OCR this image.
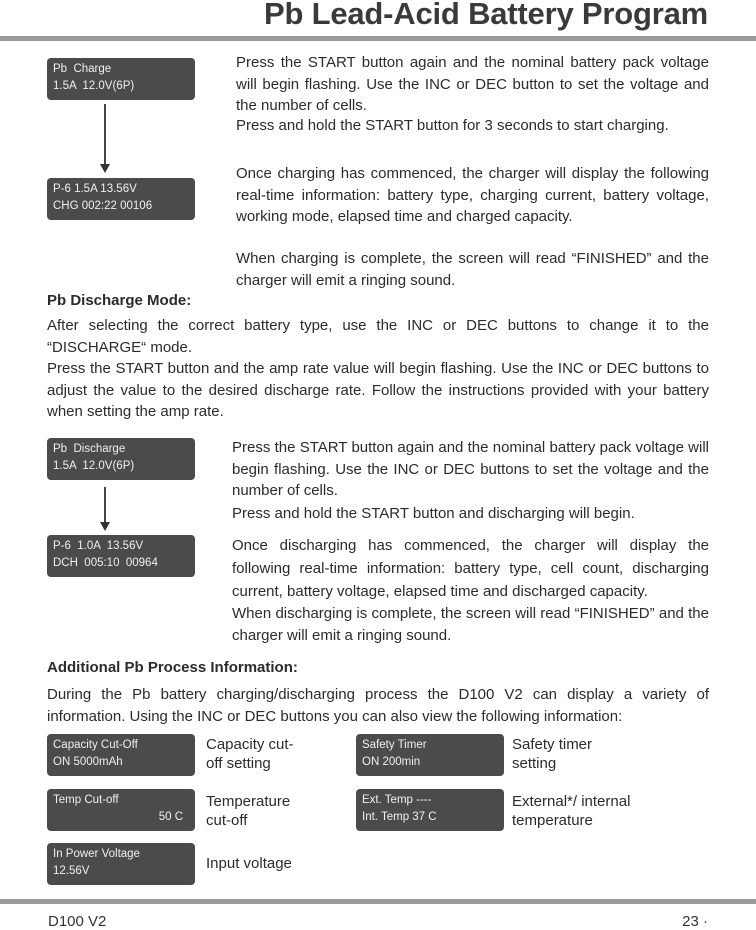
Pb Lead-Acid Battery Program
Pb  Charge
1.5A  12.0V(6P)
P-6 1.5A 13.56V
CHG 002:22 00106

Press the START button again and the nominal battery pack voltage will begin flashing. Use the INC or DEC button to set the voltage and the number of cells.

Press and hold the START button for 3 seconds to start charging.

Once charging has commenced, the charger will display the following real-time information: battery type, charging current, battery voltage, working mode, elapsed time and charged capacity.

When charging is complete, the screen will read “FINISHED” and the charger will emit a ringing sound.

Pb Discharge Mode:

After selecting the correct battery type, use the INC or DEC buttons to change it to the “DISCHARGE“ mode.

Press the START button and the amp rate value will begin flashing. Use the INC or DEC buttons to adjust the value to the desired discharge rate. Follow the instructions provided with your battery when setting the amp rate.

Pb  Discharge
1.5A  12.0V(6P)
P-6  1.0A  13.56V
DCH  005:10  00964

Press the START button again and the nominal battery pack voltage will begin flashing. Use the INC or DEC buttons to set the voltage and the number of cells.

Press and hold the START button and discharging will begin.

Once discharging has commenced, the charger will display the following real-time information: battery type, cell count, discharging current, battery voltage, elapsed time and discharged capacity.

When discharging is complete, the screen will read “FINISHED” and the charger will emit a ringing sound.

Additional Pb Process Information:

During the Pb battery charging/discharging process the D100 V2 can display a variety of information. Using the INC or DEC buttons you can also view the following information:

Capacity Cut-Off
ON 5000mAh
Capacity cut-
off setting
Safety Timer
ON 200min
Safety timer
setting
Temp Cut-off
50 C
Temperature
cut-off
Ext. Temp ----
Int. Temp 37 C
External*/ internal
temperature
In Power Voltage
12.56V	Input voltage
D100 V2	23 ·
